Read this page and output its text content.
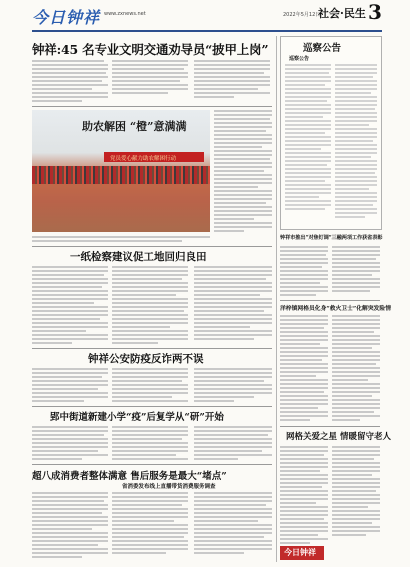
今日钟祥 www.zxnews.net	2022年5月12日
社会·民生 3
钟祥:45 名专业文明交通劝导员“披甲上岗”
助农解困 “橙”意满满
党员爱心献力助农解困行动
一纸检察建议促工地回归良田
钟祥公安防疫反诈两不误
郢中街道新建小学“疫”后复学从“研”开始
超八成消费者整体满意 售后服务是最大“堵点”
省消委发布线上直播带货消费服务调查
巡察公告
巡察公告
钟祥市推出“对焦钉调”三融两项工作获省表彰
洋梓镇网格员化身“救火卫士”化解突发险情
网格关爱之星 情暖留守老人
今日钟祥
